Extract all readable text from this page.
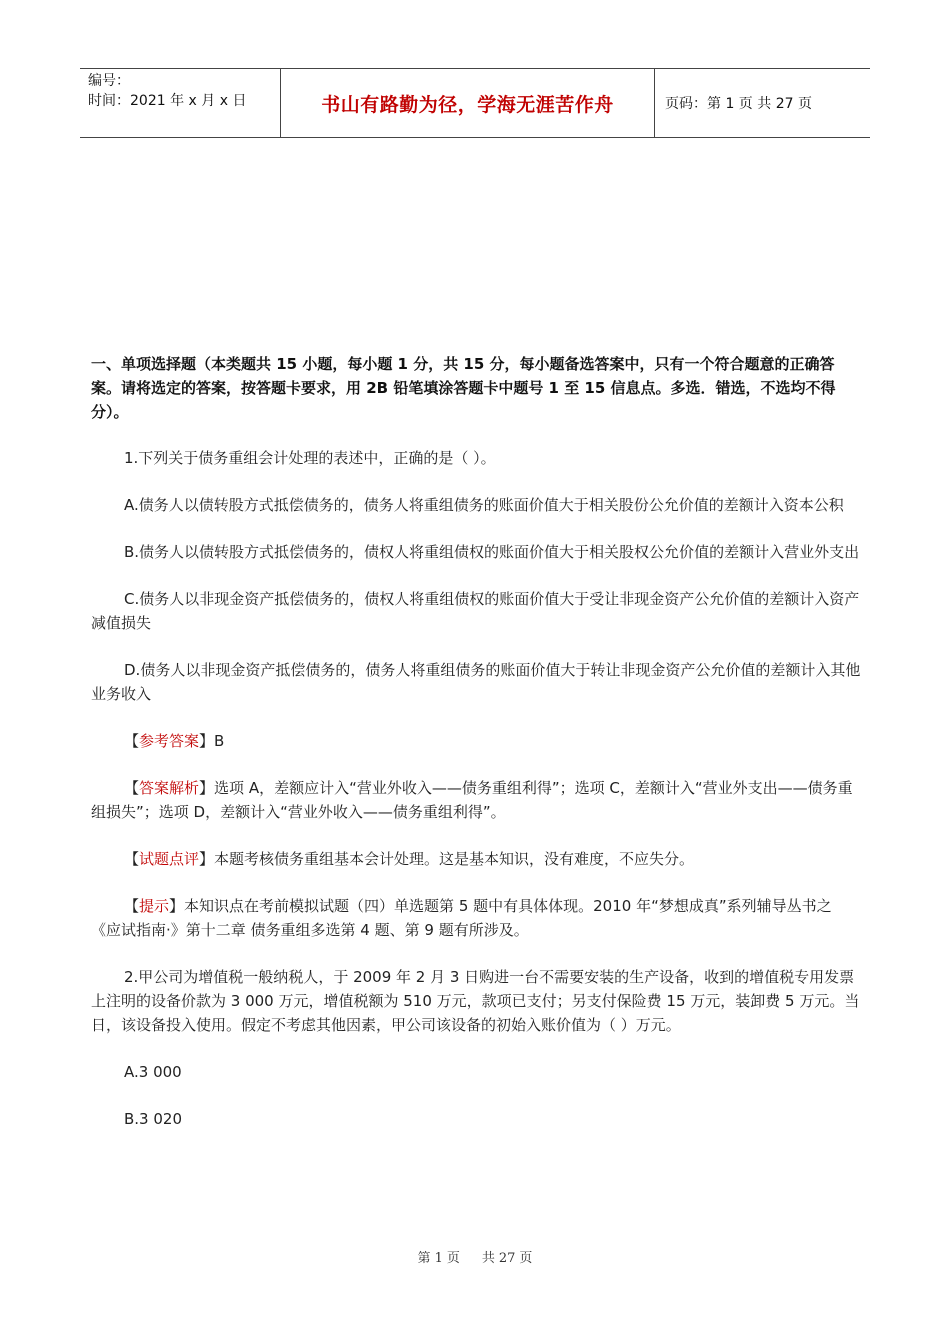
编号：
时间：2021 年 x 月 x 日	书山有路勤为径，学海无涯苦作舟	页码：第 1 页 共 27 页
一、单项选择题（本类题共 15 小题，每小题 1 分，共 15 分，每小题备选答案中，只有一个符合题意的正确答案。请将选定的答案，按答题卡要求，用 2B 铅笔填涂答题卡中题号 1 至 15 信息点。多选．错选，不选均不得分）。
1.下列关于债务重组会计处理的表述中，正确的是（ ）。
A.债务人以债转股方式抵偿债务的，债务人将重组债务的账面价值大于相关股份公允价值的差额计入资本公积
B.债务人以债转股方式抵偿债务的，债权人将重组债权的账面价值大于相关股权公允价值的差额计入营业外支出
C.债务人以非现金资产抵偿债务的，债权人将重组债权的账面价值大于受让非现金资产公允价值的差额计入资产减值损失
D.债务人以非现金资产抵偿债务的，债务人将重组债务的账面价值大于转让非现金资产公允价值的差额计入其他业务收入
【参考答案】B
【答案解析】选项 A，差额应计入“营业外收入——债务重组利得”；选项 C，差额计入“营业外支出——债务重组损失”；选项 D，差额计入“营业外收入——债务重组利得”。
【试题点评】本题考核债务重组基本会计处理。这是基本知识，没有难度，不应失分。
【提示】本知识点在考前模拟试题（四）单选题第 5 题中有具体体现。2010 年“梦想成真”系列辅导丛书之《应试指南·》第十二章 债务重组多选第 4 题、第 9 题有所涉及。
2.甲公司为增值税一般纳税人，于 2009 年 2 月 3 日购进一台不需要安装的生产设备，收到的增值税专用发票上注明的设备价款为 3 000 万元，增值税额为 510 万元，款项已支付；另支付保险费 15 万元，装卸费 5 万元。当日，该设备投入使用。假定不考虑其他因素，甲公司该设备的初始入账价值为（ ）万元。
A.3 000
B.3 020
第 1 页 共 27 页
